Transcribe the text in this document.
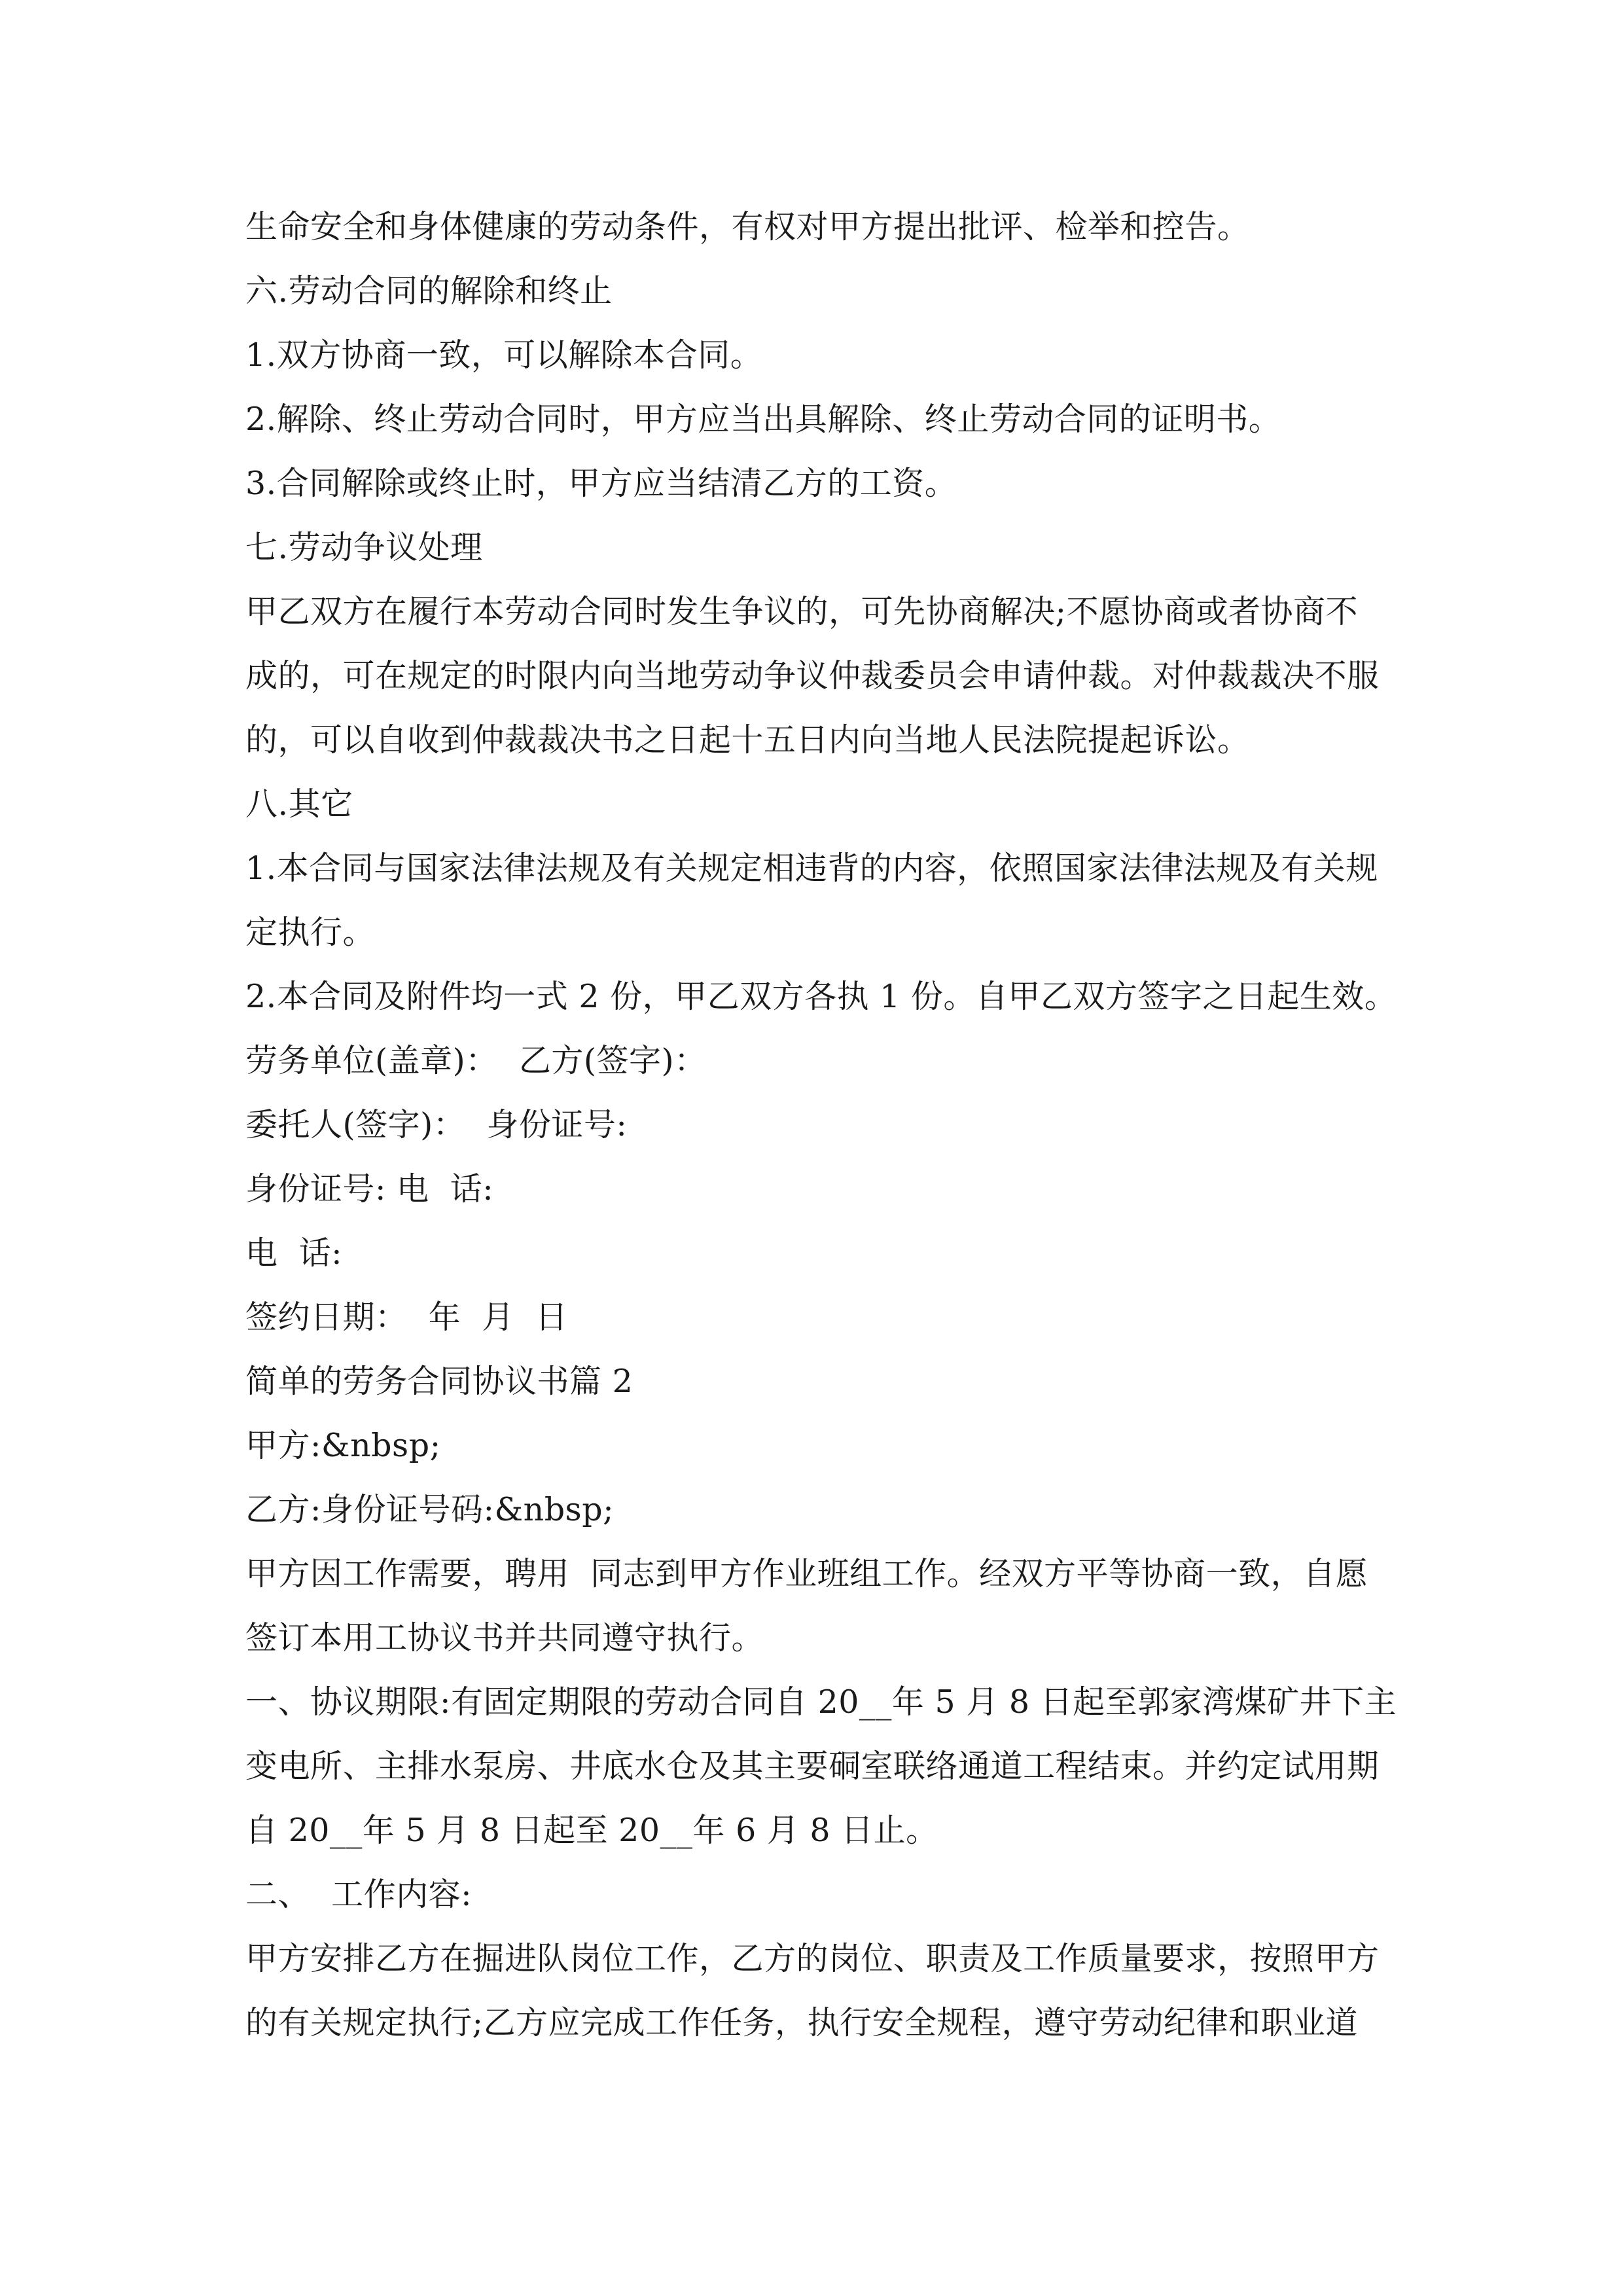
生命安全和身体健康的劳动条件，有权对甲方提出批评、检举和控告。
六.劳动合同的解除和终止
1.双方协商一致，可以解除本合同。
2.解除、终止劳动合同时，甲方应当出具解除、终止劳动合同的证明书。
3.合同解除或终止时，甲方应当结清乙方的工资。
七.劳动争议处理
甲乙双方在履行本劳动合同时发生争议的，可先协商解决;不愿协商或者协商不
成的，可在规定的时限内向当地劳动争议仲裁委员会申请仲裁。对仲裁裁决不服
的，可以自收到仲裁裁决书之日起十五日内向当地人民法院提起诉讼。
八.其它
1.本合同与国家法律法规及有关规定相违背的内容，依照国家法律法规及有关规
定执行。
2.本合同及附件均一式 2 份，甲乙双方各执 1 份。自甲乙双方签字之日起生效。
劳务单位(盖章)：  乙方(签字)：
委托人(签字)：  身份证号:
身份证号: 电  话:
电  话:
签约日期：  年  月  日
简单的劳务合同协议书篇 2
甲方:&nbsp;
乙方:身份证号码:&nbsp;
甲方因工作需要，聘用  同志到甲方作业班组工作。经双方平等协商一致，自愿
签订本用工协议书并共同遵守执行。
一、协议期限:有固定期限的劳动合同自 20__年 5 月 8 日起至郭家湾煤矿井下主
变电所、主排水泵房、井底水仓及其主要硐室联络通道工程结束。并约定试用期
自 20__年 5 月 8 日起至 20__年 6 月 8 日止。
二、  工作内容:
甲方安排乙方在掘进队岗位工作，乙方的岗位、职责及工作质量要求，按照甲方
的有关规定执行;乙方应完成工作任务，执行安全规程，遵守劳动纪律和职业道
